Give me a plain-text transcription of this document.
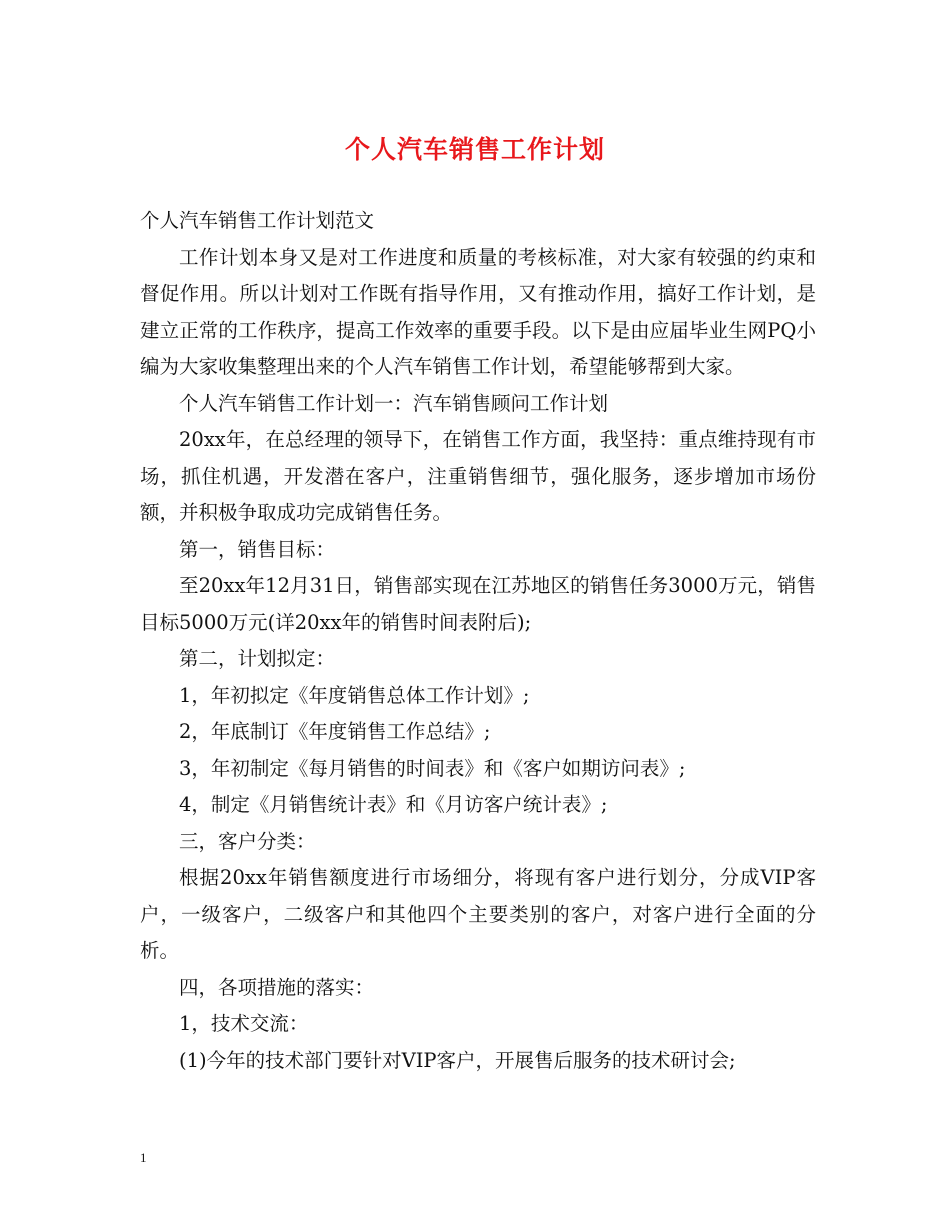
个人汽车销售工作计划

个人汽车销售工作计划范文

工作计划本身又是对工作进度和质量的考核标准，对大家有较强的约束和督促作用。所以计划对工作既有指导作用，又有推动作用，搞好工作计划，是建立正常的工作秩序，提高工作效率的重要手段。以下是由应届毕业生网PQ小编为大家收集整理出来的个人汽车销售工作计划，希望能够帮到大家。

个人汽车销售工作计划一：汽车销售顾问工作计划

20xx年，在总经理的领导下，在销售工作方面，我坚持：重点维持现有市场，抓住机遇，开发潜在客户，注重销售细节，强化服务，逐步增加市场份额，并积极争取成功完成销售任务。

第一，销售目标：

至20xx年12月31日，销售部实现在江苏地区的销售任务3000万元，销售目标5000万元(详20xx年的销售时间表附后);

第二，计划拟定：

1，年初拟定《年度销售总体工作计划》;

2，年底制订《年度销售工作总结》;

3，年初制定《每月销售的时间表》和《客户如期访问表》;

4，制定《月销售统计表》和《月访客户统计表》;

三，客户分类：

根据20xx年销售额度进行市场细分，将现有客户进行划分，分成VIP客户，一级客户，二级客户和其他四个主要类别的客户，对客户进行全面的分析。

四，各项措施的落实：

1，技术交流：

(1)今年的技术部门要针对VIP客户，开展售后服务的技术研讨会;

1
